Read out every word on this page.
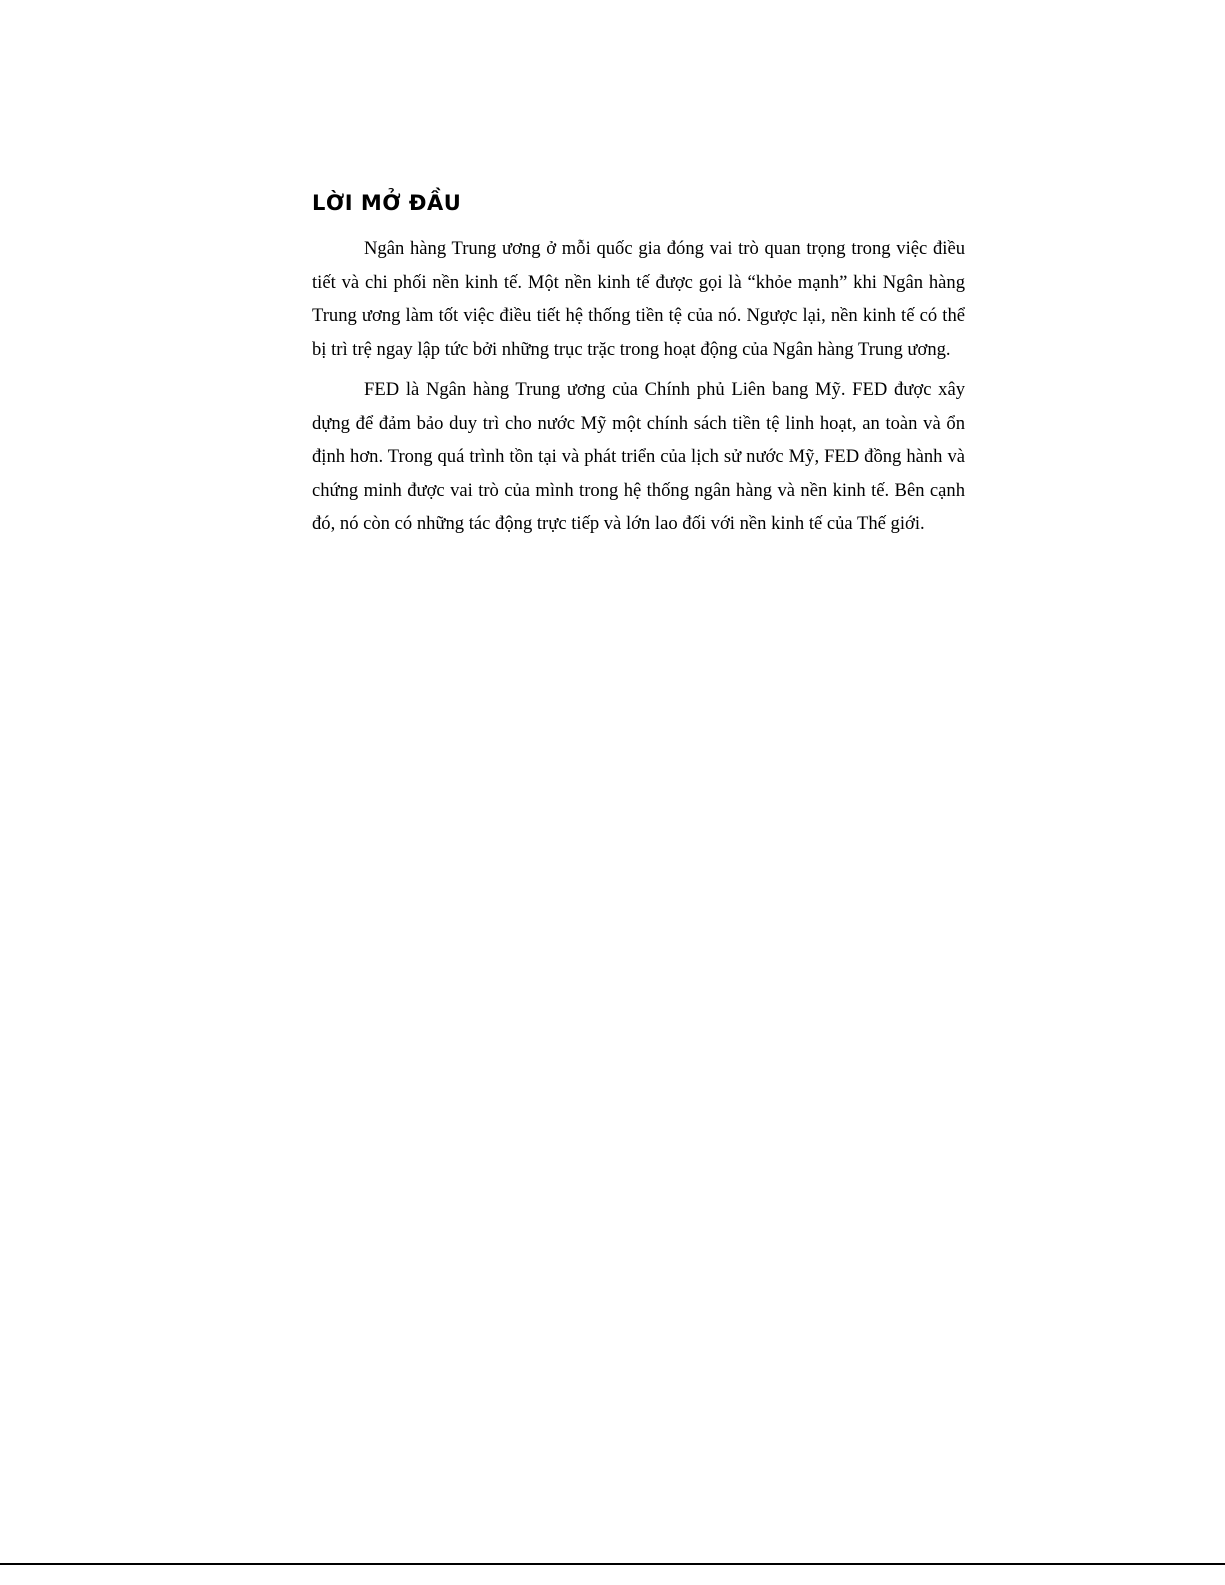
LỜI MỞ ĐẦU

Ngân hàng Trung ương ở mỗi quốc gia đóng vai trò quan trọng trong việc điều tiết và chi phối nền kinh tế. Một nền kinh tế được gọi là “khỏe mạnh” khi Ngân hàng Trung ương làm tốt việc điều tiết hệ thống tiền tệ của nó. Ngược lại, nền kinh tế có thể bị trì trệ ngay lập tức bởi những trục trặc trong hoạt động của Ngân hàng Trung ương.

FED là Ngân hàng Trung ương của Chính phủ Liên bang Mỹ. FED được xây dựng để đảm bảo duy trì cho nước Mỹ một chính sách tiền tệ linh hoạt, an toàn và ổn định hơn. Trong quá trình tồn tại và phát triển của lịch sử nước Mỹ, FED đồng hành và chứng minh được vai trò của mình trong hệ thống ngân hàng và nền kinh tế. Bên cạnh đó, nó còn có những tác động trực tiếp và lớn lao đối với nền kinh tế của Thế giới.
